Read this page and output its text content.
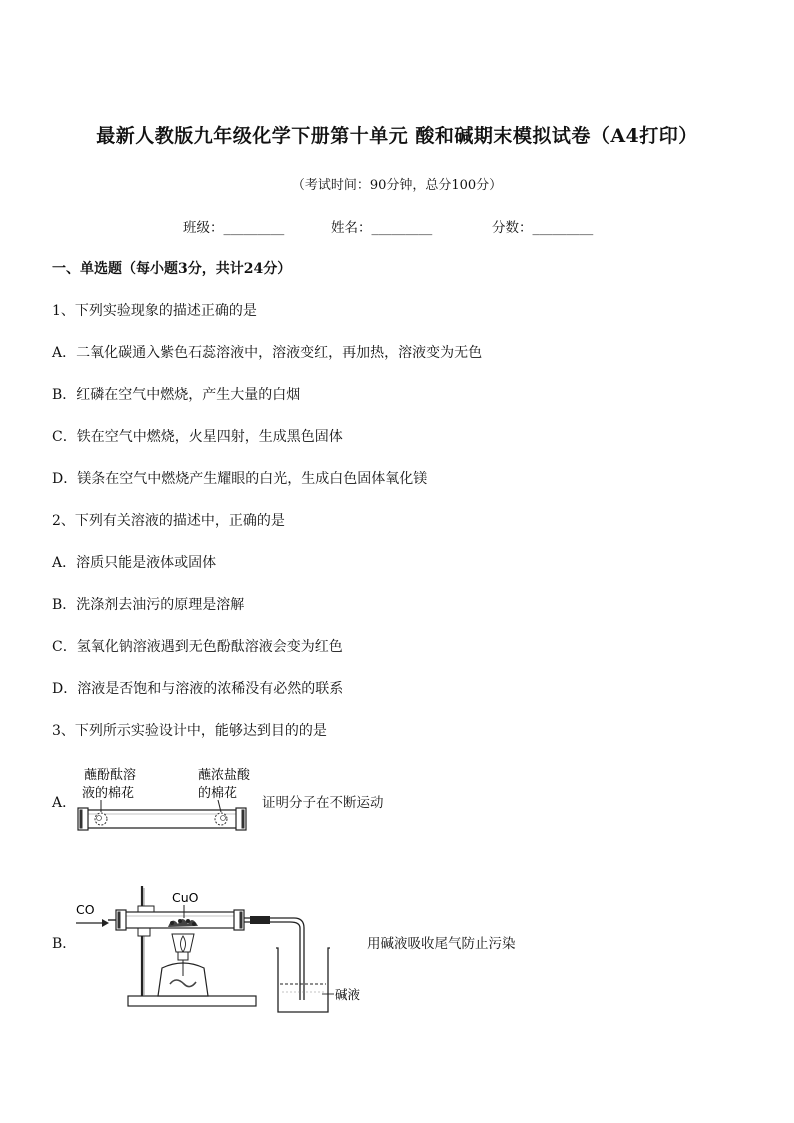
最新人教版九年级化学下册第十单元 酸和碱期末模拟试卷（A4打印）
（考试时间：90分钟，总分100分）
班级：_________	姓名：_________	分数：_________
一、单选题（每小题3分，共计24分）
1、下列实验现象的描述正确的是
A．二氧化碳通入紫色石蕊溶液中，溶液变红，再加热，溶液变为无色
B．红磷在空气中燃烧，产生大量的白烟
C．铁在空气中燃烧，火星四射，生成黑色固体
D．镁条在空气中燃烧产生耀眼的白光，生成白色固体氧化镁
2、下列有关溶液的描述中，正确的是
A．溶质只能是液体或固体
B．洗涤剂去油污的原理是溶解
C．氢氧化钠溶液遇到无色酚酞溶液会变为红色
D．溶液是否饱和与溶液的浓稀没有必然的联系
3、下列所示实验设计中，能够达到目的的是
A．
蘸酚酞溶
液的棉花
蘸浓盐酸
的棉花
证明分子在不断运动
B．
CO
CuO
碱液
用碱液吸收尾气防止污染
